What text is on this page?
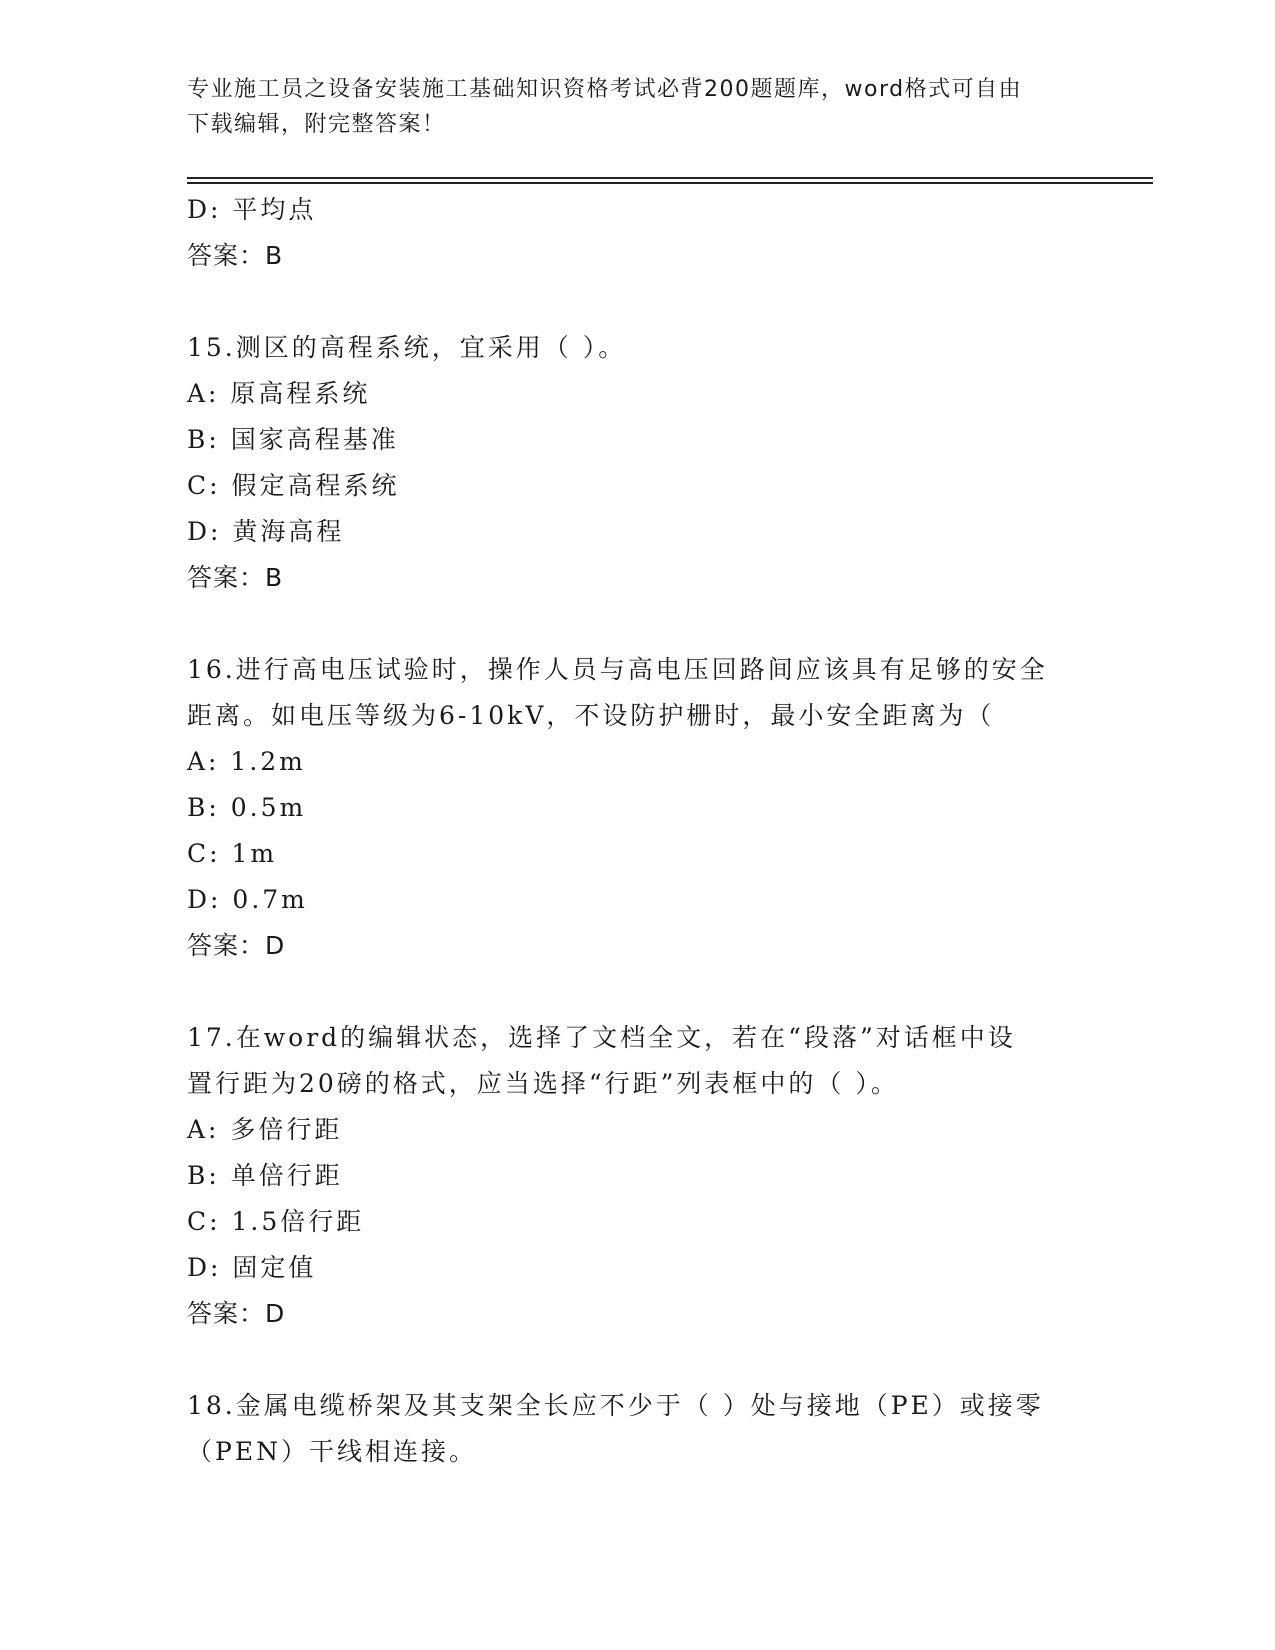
专业施工员之设备安装施工基础知识资格考试必背200题题库，word格式可自由
下载编辑，附完整答案！
D: 平均点
答案：B
15.测区的高程系统，宜采用（ ）。
A: 原高程系统
B: 国家高程基准
C: 假定高程系统
D: 黄海高程
答案：B
16.进行高电压试验时，操作人员与高电压回路间应该具有足够的安全
距离。如电压等级为6-10kV，不设防护栅时，最小安全距离为（
A: 1.2m
B: 0.5m
C: 1m
D: 0.7m
答案：D
17.在word的编辑状态，选择了文档全文，若在“段落”对话框中设
置行距为20磅的格式，应当选择“行距”列表框中的（ ）。
A: 多倍行距
B: 单倍行距
C: 1.5倍行距
D: 固定值
答案：D
18.金属电缆桥架及其支架全长应不少于（ ）处与接地（PE）或接零
（PEN）干线相连接。
